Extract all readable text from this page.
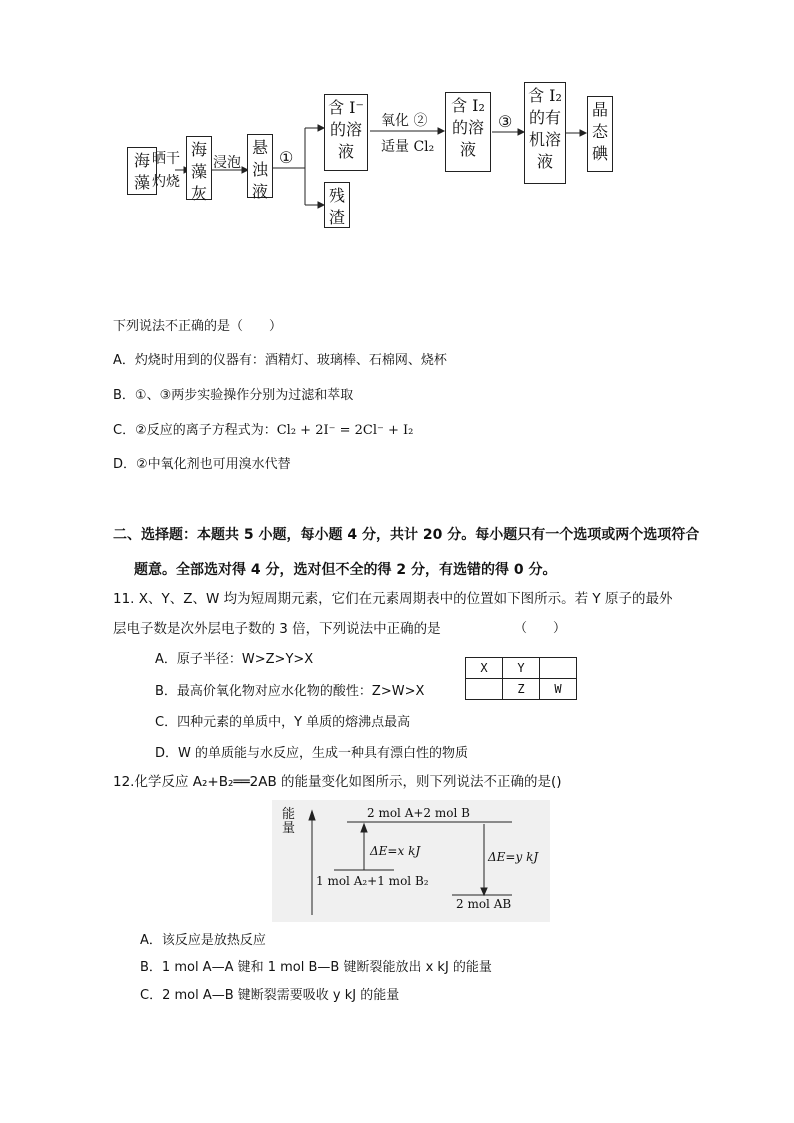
海藻
晒干
灼烧
海藻灰
浸泡
悬浊液
①
含 I⁻ 的溶液
残渣
氧化 ②
适量 Cl₂
含 I₂ 的溶液
③
含 I₂ 的有机溶液
晶态碘
下列说法不正确的是（　　）
A．灼烧时用到的仪器有：酒精灯、玻璃棒、石棉网、烧杯
B．①、③两步实验操作分别为过滤和萃取
C．②反应的离子方程式为：Cl₂ + 2I⁻ = 2Cl⁻ + I₂
D．②中氧化剂也可用溴水代替
二、选择题：本题共 5 小题，每小题 4 分，共计 20 分。每小题只有一个选项或两个选项符合
题意。全部选对得 4 分，选对但不全的得 2 分，有选错的得 0 分。
11. X、Y、Z、W 均为短周期元素，它们在元素周期表中的位置如下图所示。若 Y 原子的最外
层电子数是次外层电子数的 3 倍，下列说法中正确的是	（　　）
A．原子半径：W>Z>Y>X
B．最高价氧化物对应水化物的酸性：Z>W>X
C．四种元素的单质中，Y 单质的熔沸点最高
D．W 的单质能与水反应，生成一种具有漂白性的物质
X	Y	
	Z	W
12.化学反应 A₂+B₂══2AB 的能量变化如图所示，则下列说法不正确的是()
能量
2 mol A+2 mol B
1 mol A₂+1 mol B₂
2 mol AB
ΔE=x kJ	ΔE=y kJ
A．该反应是放热反应
B．1 mol A—A 键和 1 mol B—B 键断裂能放出 x kJ 的能量
C．2 mol A—B 键断裂需要吸收 y kJ 的能量
